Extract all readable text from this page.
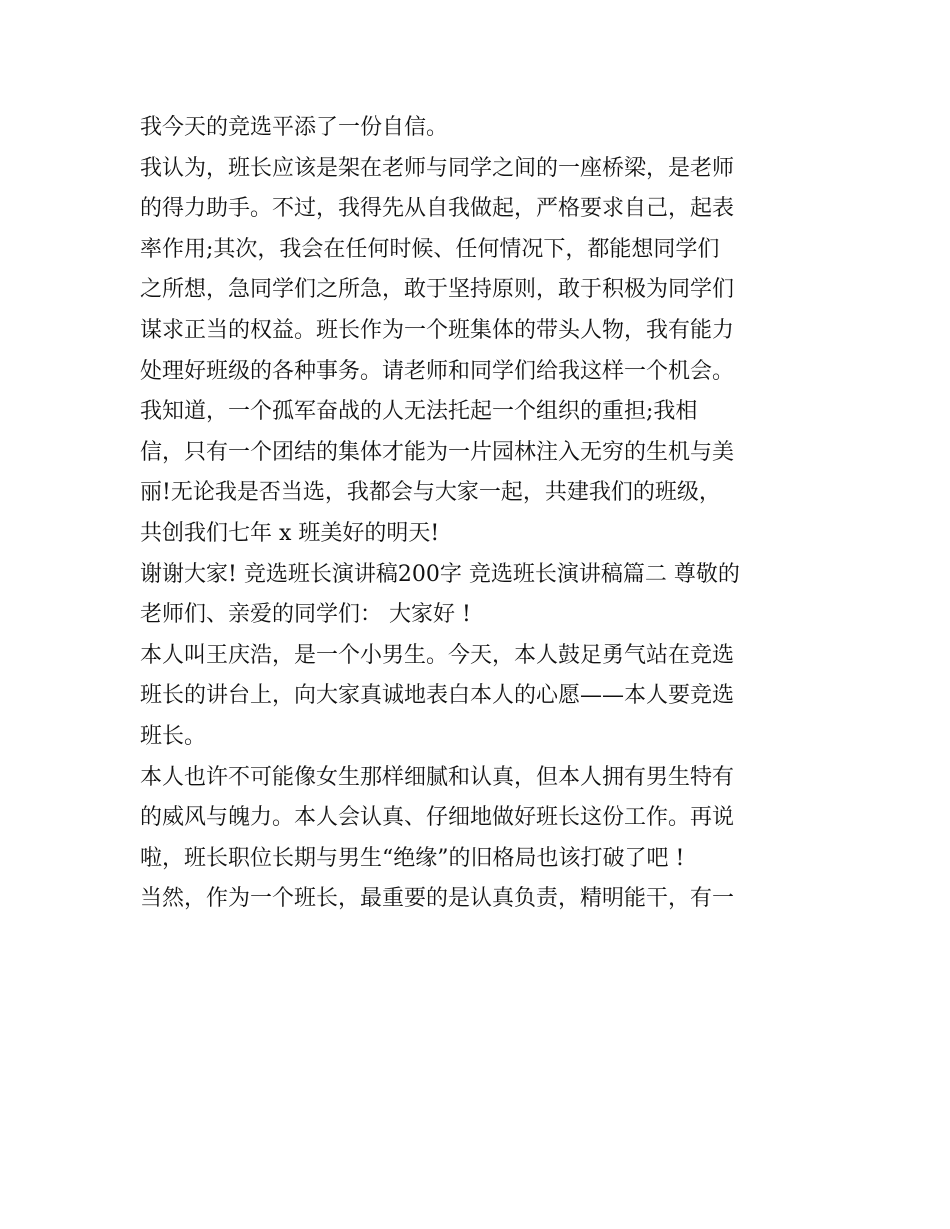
我今天的竞选平添了一份自信。
我认为，班长应该是架在老师与同学之间的一座桥梁，是老师
的得力助手。不过，我得先从自我做起，严格要求自己，起表
率作用;其次，我会在任何时候、任何情况下，都能想同学们
之所想，急同学们之所急，敢于坚持原则，敢于积极为同学们
谋求正当的权益。班长作为一个班集体的带头人物，我有能力
处理好班级的各种事务。请老师和同学们给我这样一个机会。
我知道，一个孤军奋战的人无法托起一个组织的重担;我相
信，只有一个团结的集体才能为一片园林注入无穷的生机与美
丽!无论我是否当选，我都会与大家一起，共建我们的班级，
共创我们七年 x 班美好的明天!
谢谢大家! 竞选班长演讲稿200字 竞选班长演讲稿篇二 尊敬的
老师们、亲爱的同学们： 大家好 !
本人叫王庆浩，是一个小男生。今天，本人鼓足勇气站在竞选
班长的讲台上，向大家真诚地表白本人的心愿——本人要竞选
班长。
本人也许不可能像女生那样细腻和认真，但本人拥有男生特有
的威风与魄力。本人会认真、仔细地做好班长这份工作。再说
啦，班长职位长期与男生“绝缘”的旧格局也该打破了吧 !
当然，作为一个班长，最重要的是认真负责，精明能干，有一
